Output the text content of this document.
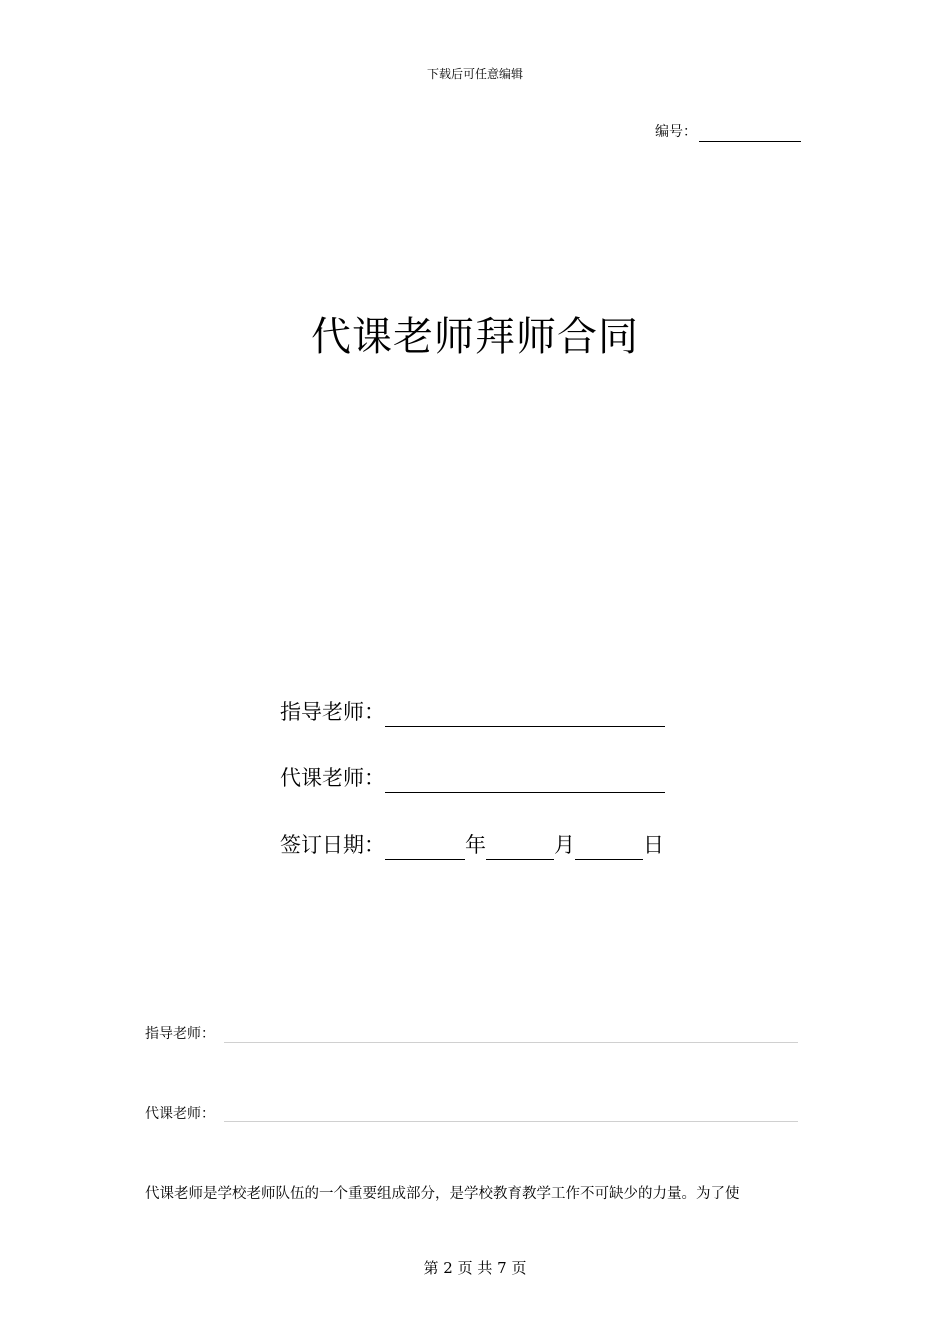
下载后可任意编辑
编号：
代课老师拜师合同
指导老师：
代课老师：
签订日期：	年	月	日
指导老师：
代课老师：
代课老师是学校老师队伍的一个重要组成部分，是学校教育教学工作不可缺少的力量。为了使
第 2 页 共 7 页
